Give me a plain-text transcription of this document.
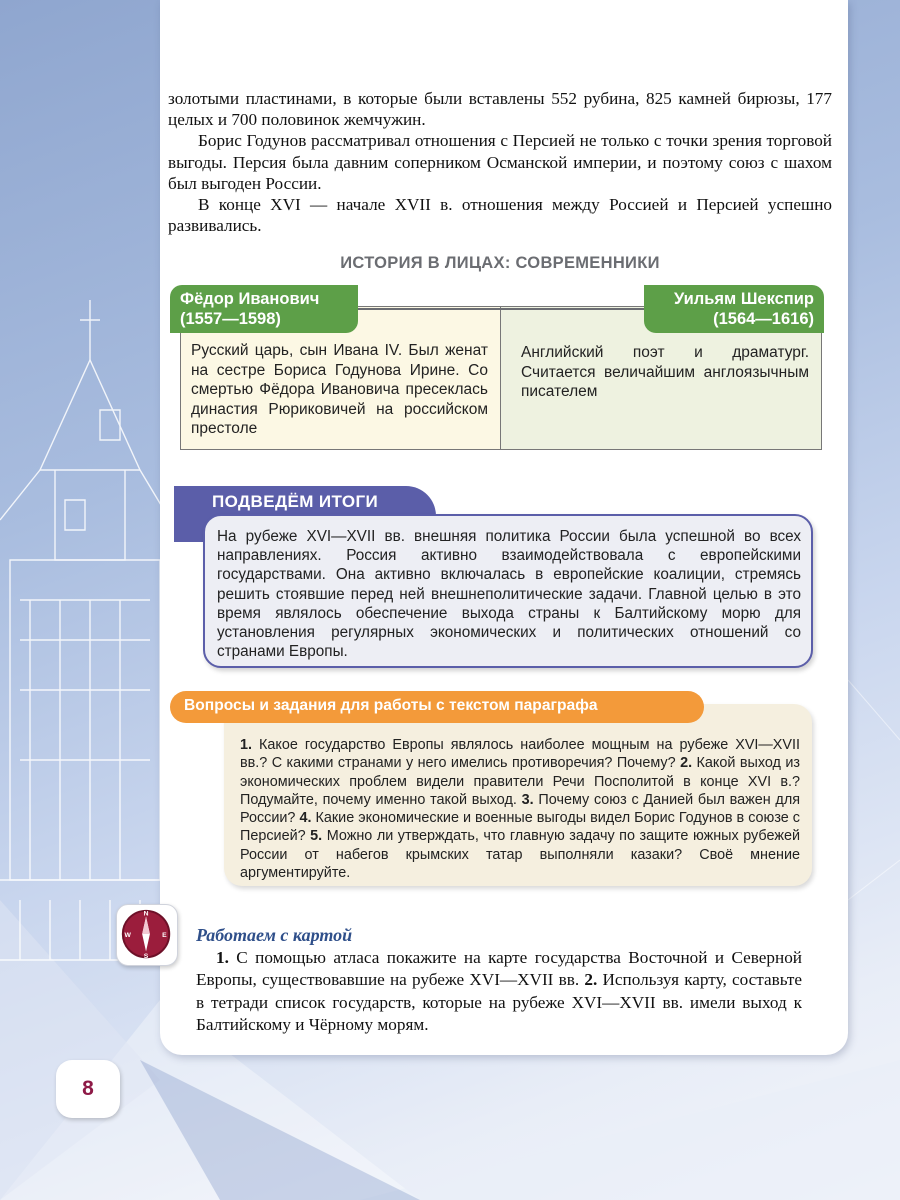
золотыми пластинами, в которые были вставлены 552 рубина, 825 камней бирюзы, 177 целых и 700 половинок жемчужин.

Борис Годунов рассматривал отношения с Персией не только с точки зрения торговой выгоды. Персия была давним соперником Османской империи, и поэтому союз с шахом был выгоден России.

В конце XVI — начале XVII в. отношения между Россией и Персией успешно развивались.

ИСТОРИЯ В ЛИЦАХ: СОВРЕМЕННИКИ
Русский царь, сын Ивана IV. Был женат на сестре Бориса Годунова Ирине. Со смертью Фёдора Ивановича пресеклась династия Рюриковичей на российском престоле
Английский поэт и драматург. Считается величайшим англоязычным писателем
Фёдор Иванович
(1557—1598)
Уильям Шекспир
(1564—1616)
ПОДВЕДЁМ ИТОГИ
На рубеже XVI—XVII вв. внешняя политика России была успешной во всех направлениях. Россия активно взаимодействовала с европейскими государствами. Она активно включалась в европейские коалиции, стремясь решить стоявшие перед ней внешнеполитические задачи. Главной целью в это время являлось обеспечение выхода страны к Балтийскому морю для установления регулярных экономических и политических отношений со странами Европы.
1. Какое государство Европы являлось наиболее мощным на рубеже XVI—XVII вв.? С какими странами у него имелись противоречия? Почему? 2. Какой выход из экономических проблем видели правители Речи Посполитой в конце XVI в.? Подумайте, почему именно такой выход. 3. Почему союз с Данией был важен для России? 4. Какие экономические и военные выгоды видел Борис Годунов в союзе с Персией? 5. Можно ли утверждать, что главную задачу по защите южных рубежей России от набегов крымских татар выполняли казаки? Своё мнение аргументируйте.
Вопросы и задания для работы с текстом параграфа
N
S
E
W	Работаем с картой
1. С помощью атласа покажите на карте государства Восточной и Северной Европы, существовавшие на рубеже XVI—XVII вв. 2. Используя карту, составьте в тетради список государств, которые на рубеже XVI—XVII вв. имели выход к Балтийскому и Чёрному морям.
8
